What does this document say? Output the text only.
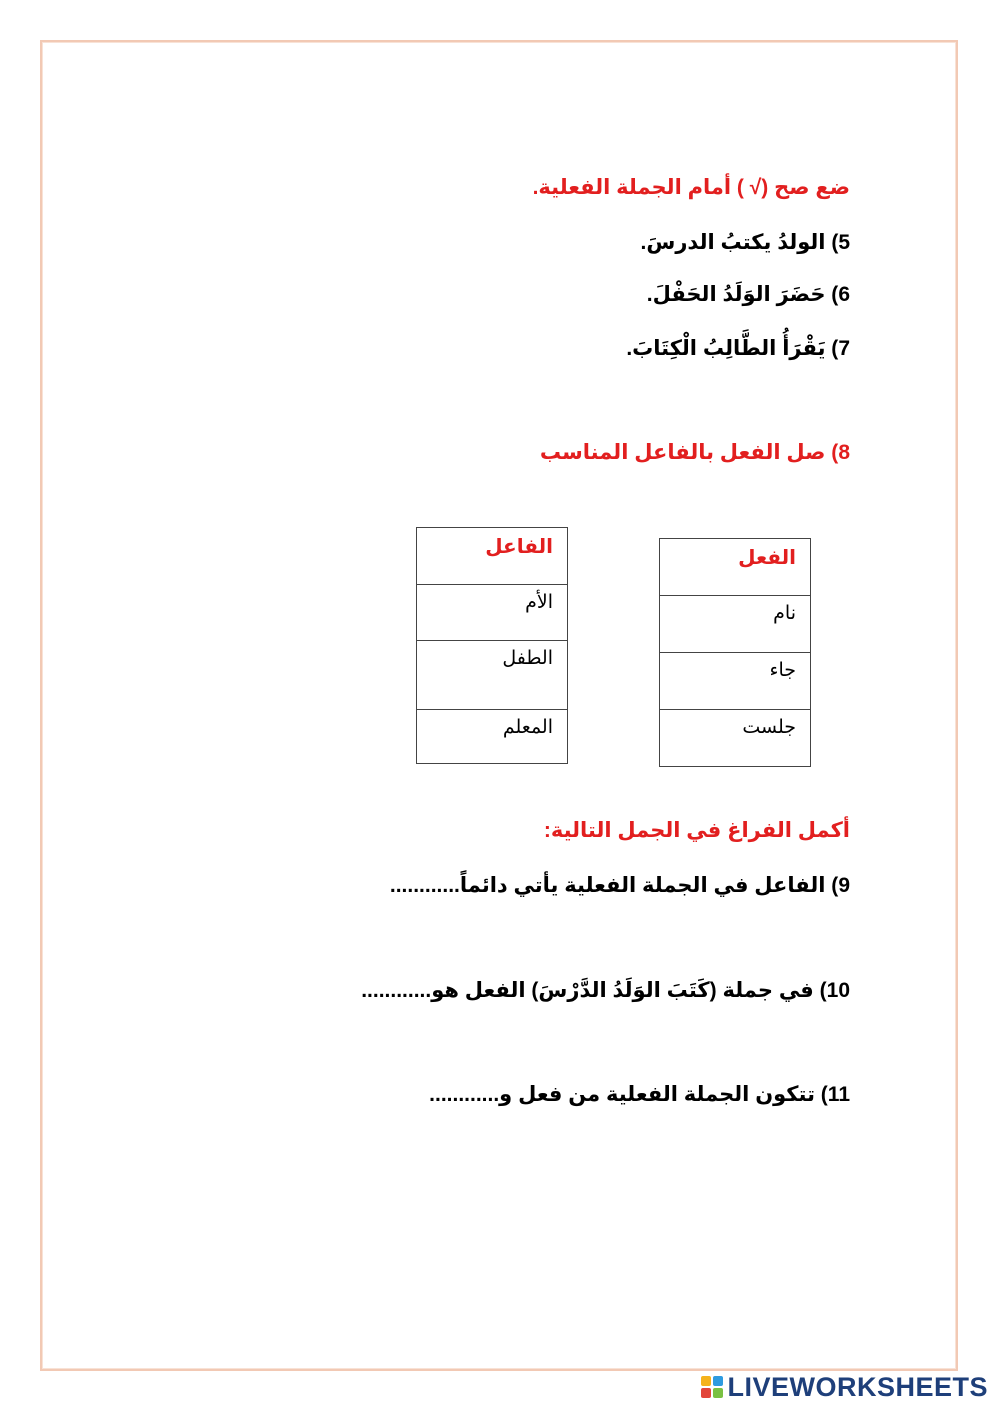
ضع صح (√ ) أمام الجملة الفعلية.
5) الولدُ يكتبُ الدرسَ.
6) حَضَرَ الوَلَدُ الحَفْلَ.
7) يَقْرَأُ الطَّالِبُ الْكِتَابَ.
8) صل الفعل بالفاعل المناسب
الفعل
نام
جاء
جلست
الفاعل
الأم
الطفل
المعلم
أكمل الفراغ في الجمل التالية:
9) الفاعل في الجملة الفعلية يأتي دائماً............
10) في جملة (كَتَبَ الوَلَدُ الدَّرْسَ) الفعل هو............
11) تتكون الجملة الفعلية من فعل و............
LIVEWORKSHEETS
